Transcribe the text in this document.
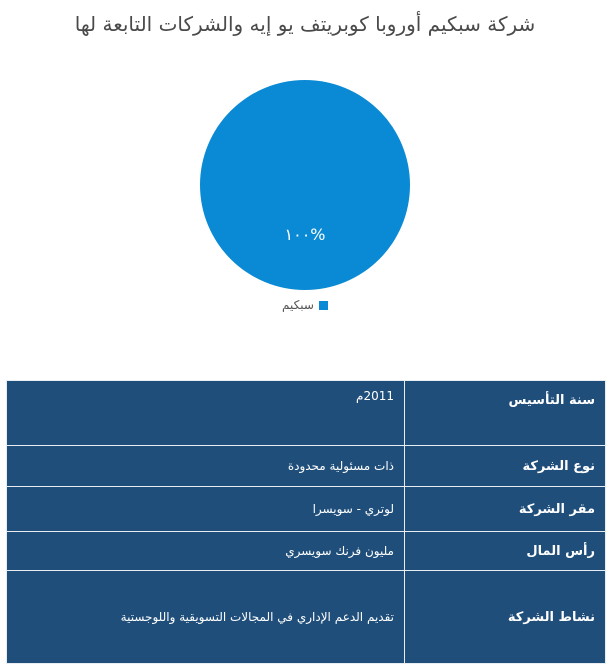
شركة سبكيم أوروبا كوبريتف يو إيه والشركات التابعة لها
١٠٠%
سبكيم
سنة التأسيس	2011م
نوع الشركة	ذات مسئولية محدودة
مقر الشركة	لوتري - سويسرا
رأس المال	مليون فرنك سويسري
نشاط الشركة	تقديم الدعم الإداري في المجالات التسويقية واللوجستية
